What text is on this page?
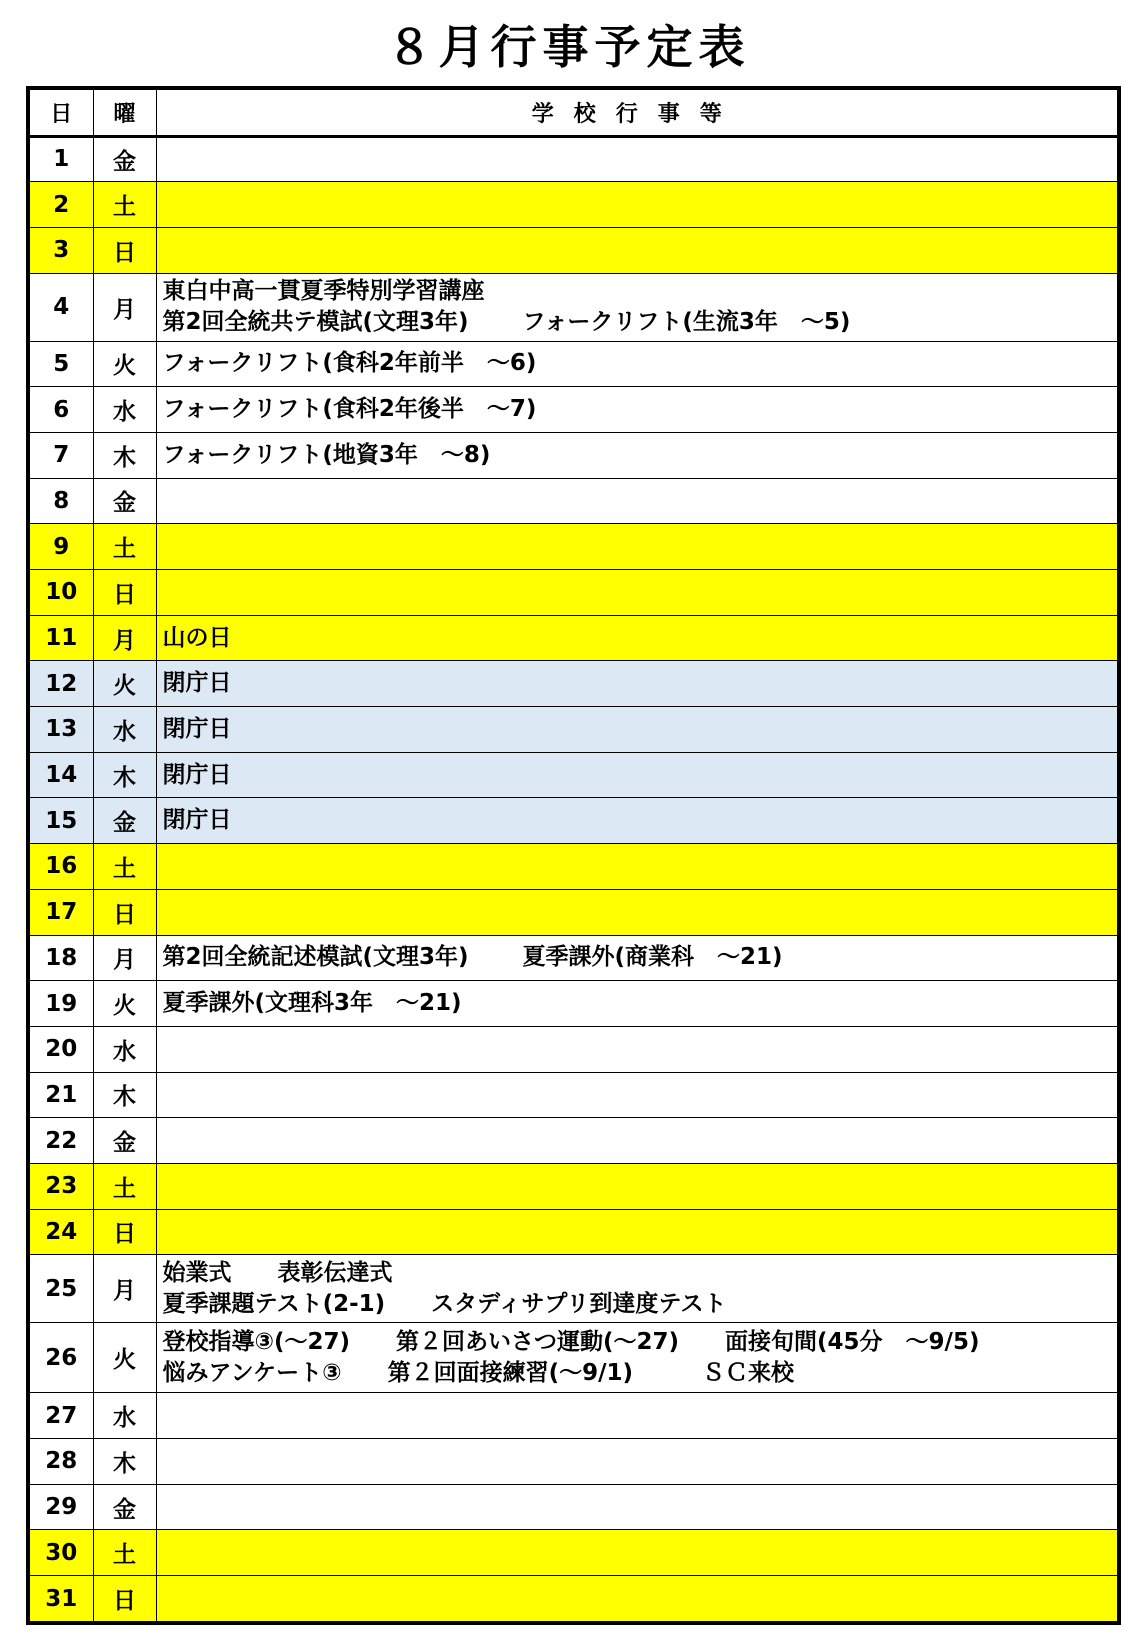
８月行事予定表
日	曜	学校行事等
1	金	

2	土	

3	日	

4	月	東白中高一貫夏季特別学習講座
第2回全統共テ模試(文理3年)　　 フォークリフト(生流3年　～5)

5	火	フォークリフト(食科2年前半　～6)

6	水	フォークリフト(食科2年後半　～7)

7	木	フォークリフト(地資3年　～8)

8	金	

9	土	

10	日	

11	月	山の日

12	火	閉庁日

13	水	閉庁日

14	木	閉庁日

15	金	閉庁日

16	土	

17	日	

18	月	第2回全統記述模試(文理3年)　　 夏季課外(商業科　～21)

19	火	夏季課外(文理科3年　～21)

20	水	

21	木	

22	金	

23	土	

24	日	

25	月	始業式　　表彰伝達式
夏季課題テスト(2-1)　　スタディサプリ到達度テスト

26	火	登校指導③(～27)　　第２回あいさつ運動(～27)　　面接旬間(45分　～9/5)
悩みアンケート③　　第２回面接練習(～9/1)　　　ＳＣ来校

27	水	

28	木	

29	金	

30	土	

31	日	
